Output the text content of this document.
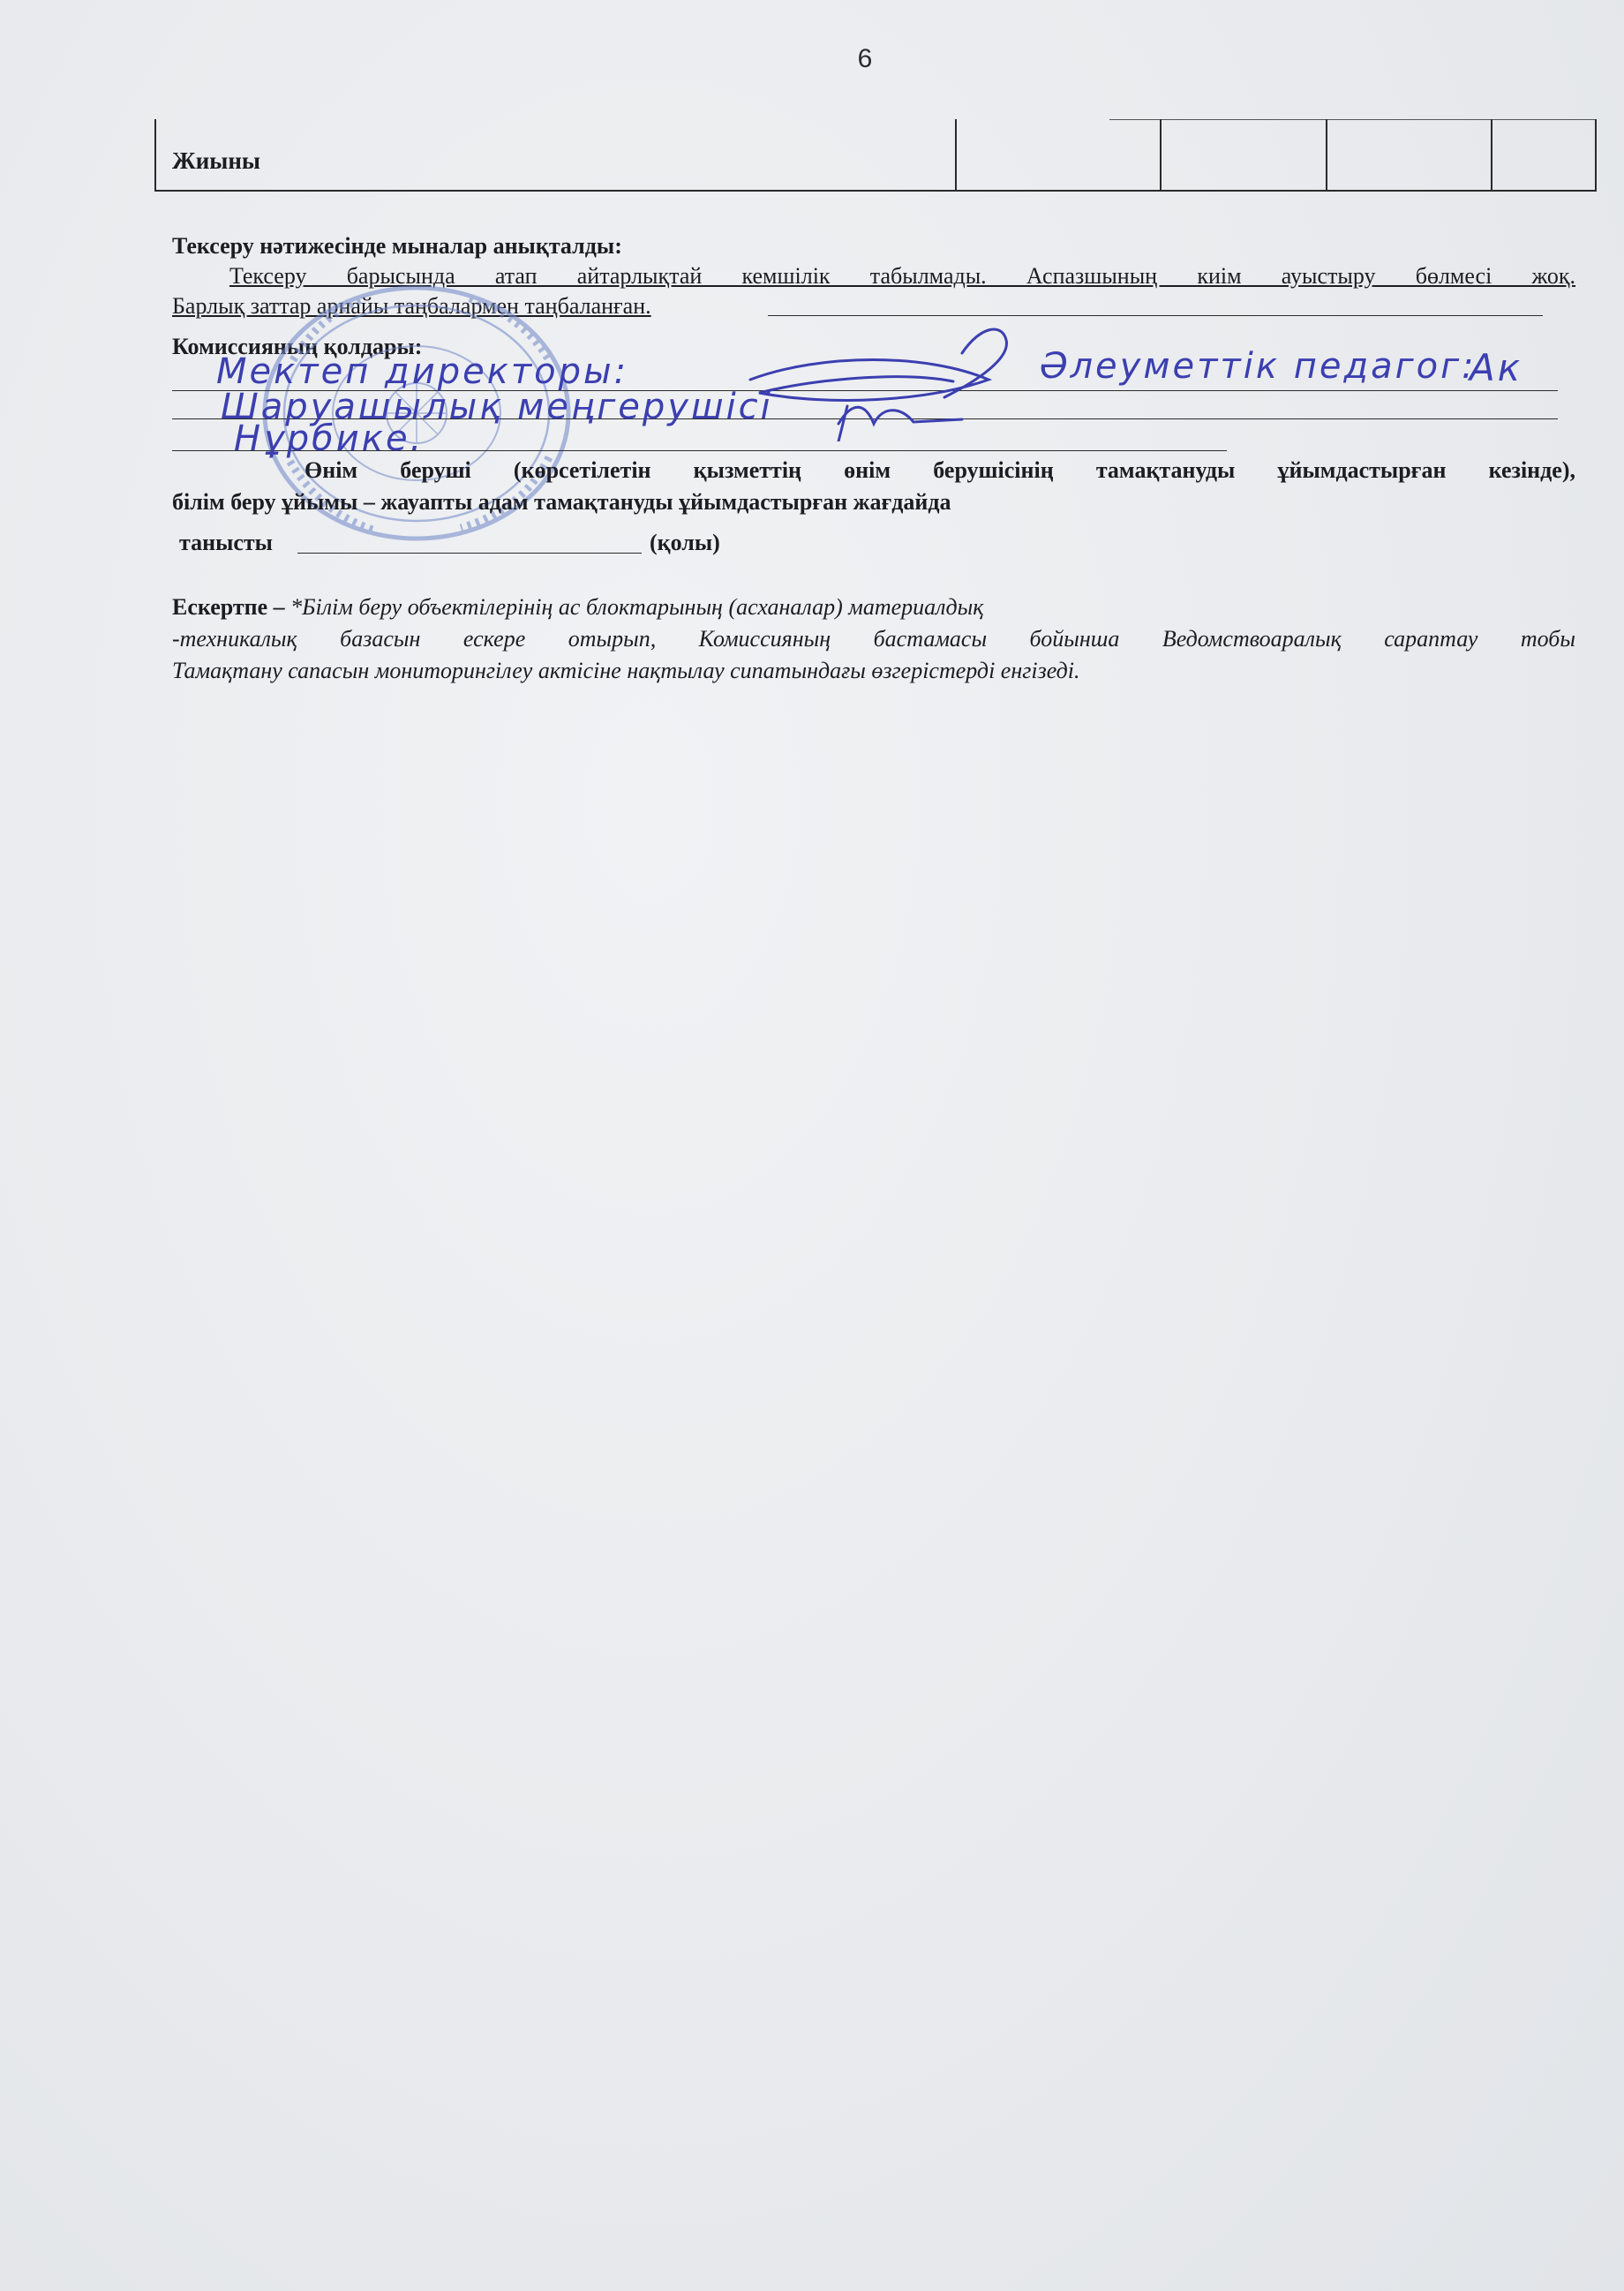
6
Жиыны
Тексеру нәтижесінде мыналар анықталды:
Тексеру барысында атап айтарлықтай кемшілік табылмады. Аспазшының киім ауыстыру бөлмесі жоқ.
Барлық заттар арнайы таңбалармен таңбаланған.
Комиссияның қолдары:
Мектеп директоры:	Әлеуметтік педагог:
Ак
Шаруашылық меңгерушісі
Нұрбике.
Өнім беруші (көрсетілетін қызметтің өнім берушісінің тамақтануды ұйымдастырған кезінде),
білім беру ұйымы – жауапты адам тамақтануды ұйымдастырған жағдайда
танысты	(қолы)
Ескертпе – *Білім беру объектілерінің ас блоктарының (асханалар) материалдық
-техникалық базасын ескере отырып, Комиссияның бастамасы бойынша Ведомствоаралық сараптау тобы
Тамақтану сапасын мониторингілеу актісіне нақтылау сипатындағы өзгерістерді енгізеді.
